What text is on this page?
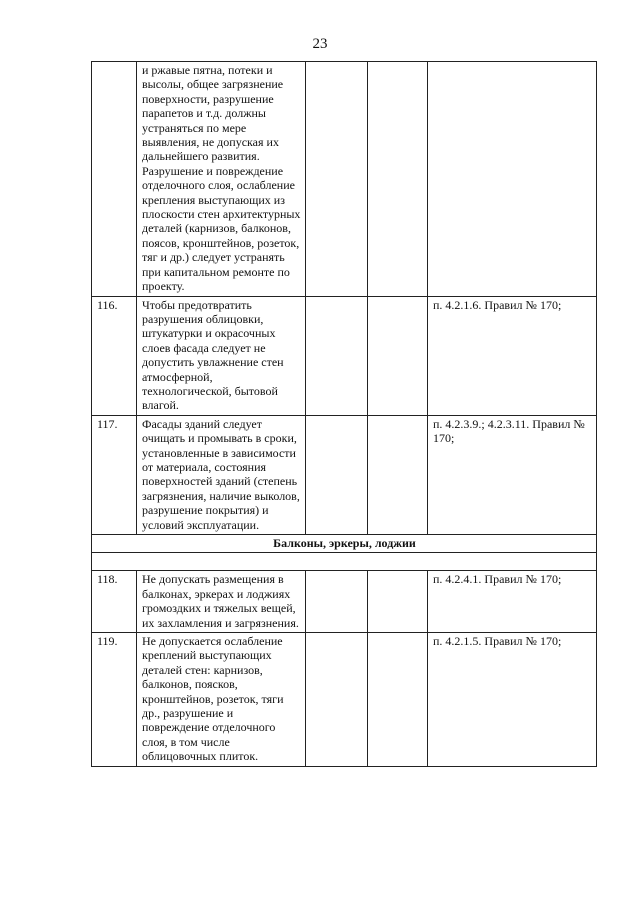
23

	и ржавые пятна, потеки и высолы, общее загрязнение поверхности, разрушение парапетов и т.д. должны устраняться по мере выявления, не допуская их дальнейшего развития.
Разрушение и повреждение отделочного слоя, ослабление крепления выступающих из плоскости стен архитектурных деталей (карнизов, балконов, поясов, кронштейнов, розеток, тяг и др.) следует устранять при капитальном ремонте по проекту.			

116.	Чтобы предотвратить разрушения облицовки, штукатурки и окрасочных слоев фасада следует не допустить увлажнение стен атмосферной, технологической, бытовой влагой.			п. 4.2.1.6. Правил № 170;
117.	Фасады зданий следует очищать и промывать в сроки, установленные в зависимости от материала, состояния поверхностей зданий (степень загрязнения, наличие выколов, разрушение покрытия) и условий эксплуатации.			п. 4.2.3.9.; 4.2.3.11. Правил № 170;
Балконы, эркеры, лоджии				

118.	Не допускать размещения в балконах, эркерах и лоджиях громоздких и тяжелых вещей, их захламления и загрязнения.			п. 4.2.4.1. Правил № 170;
119.	Не допускается ослабление креплений выступающих деталей стен: карнизов, балконов, поясков, кронштейнов, розеток, тяги др., разрушение и повреждение отделочного слоя, в том числе облицовочных плиток.			п. 4.2.1.5. Правил № 170;
